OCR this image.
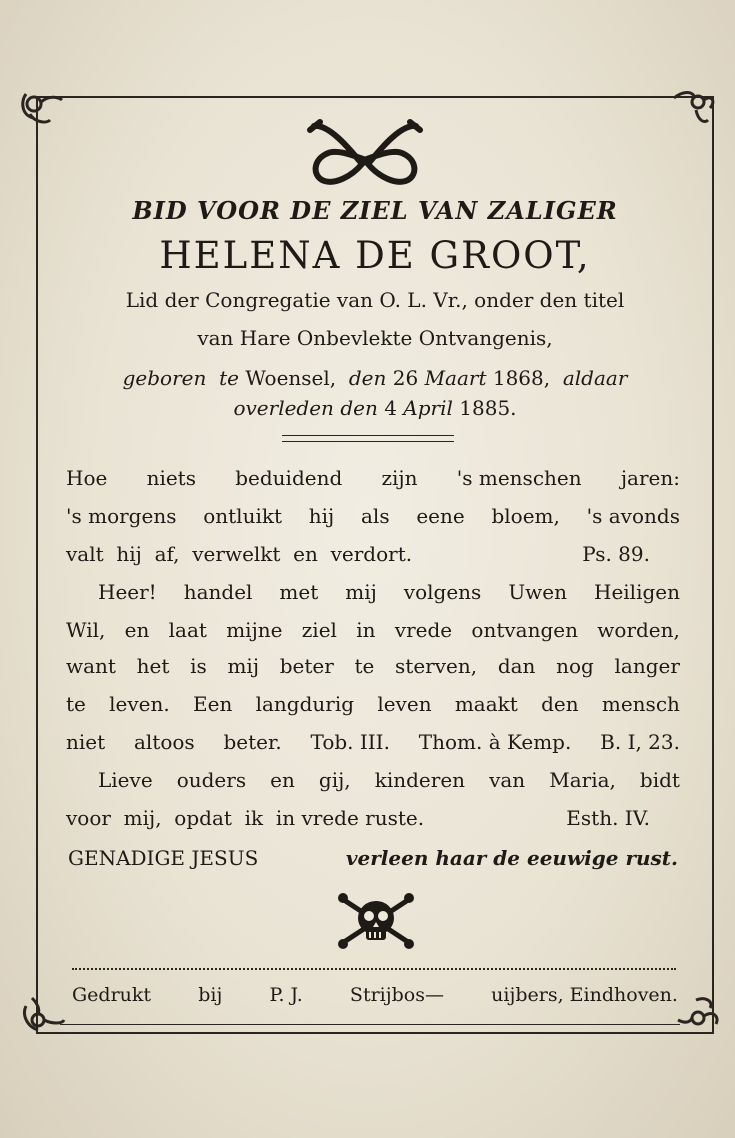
BID VOOR DE ZIEL VAN ZALIGER
HELENA DE GROOT,
Lid der Congregatie van O. L. Vr., onder den titel
van Hare Onbevlekte Ontvangenis,
geboren te Woensel, den 26 Maart 1868, aldaar
overleden den 4 April 1885.
Hoe niets beduidend zijn 's menschen jaren:
's morgens ontluikt hij als eene bloem, 's avonds
valt  hij  af,  verwelkt  en  verdort.	Ps. 89.
Heer! handel met mij volgens Uwen Heiligen
Wil, en laat mijne ziel in vrede ontvangen worden,
want het is mij beter te sterven, dan nog langer
te leven. Een langdurig leven maakt den mensch
niet altoos beter. Tob. III. Thom. à Kemp. B. I, 23.
Lieve ouders en gij, kinderen van Maria, bidt
voor  mij,  opdat  ik  in vrede ruste.	Esth. IV.
GENADIGE JESUS	verleen haar de eeuwige rust.
Gedrukt bij P. J. Strijbos— uijbers, Eindhoven.
